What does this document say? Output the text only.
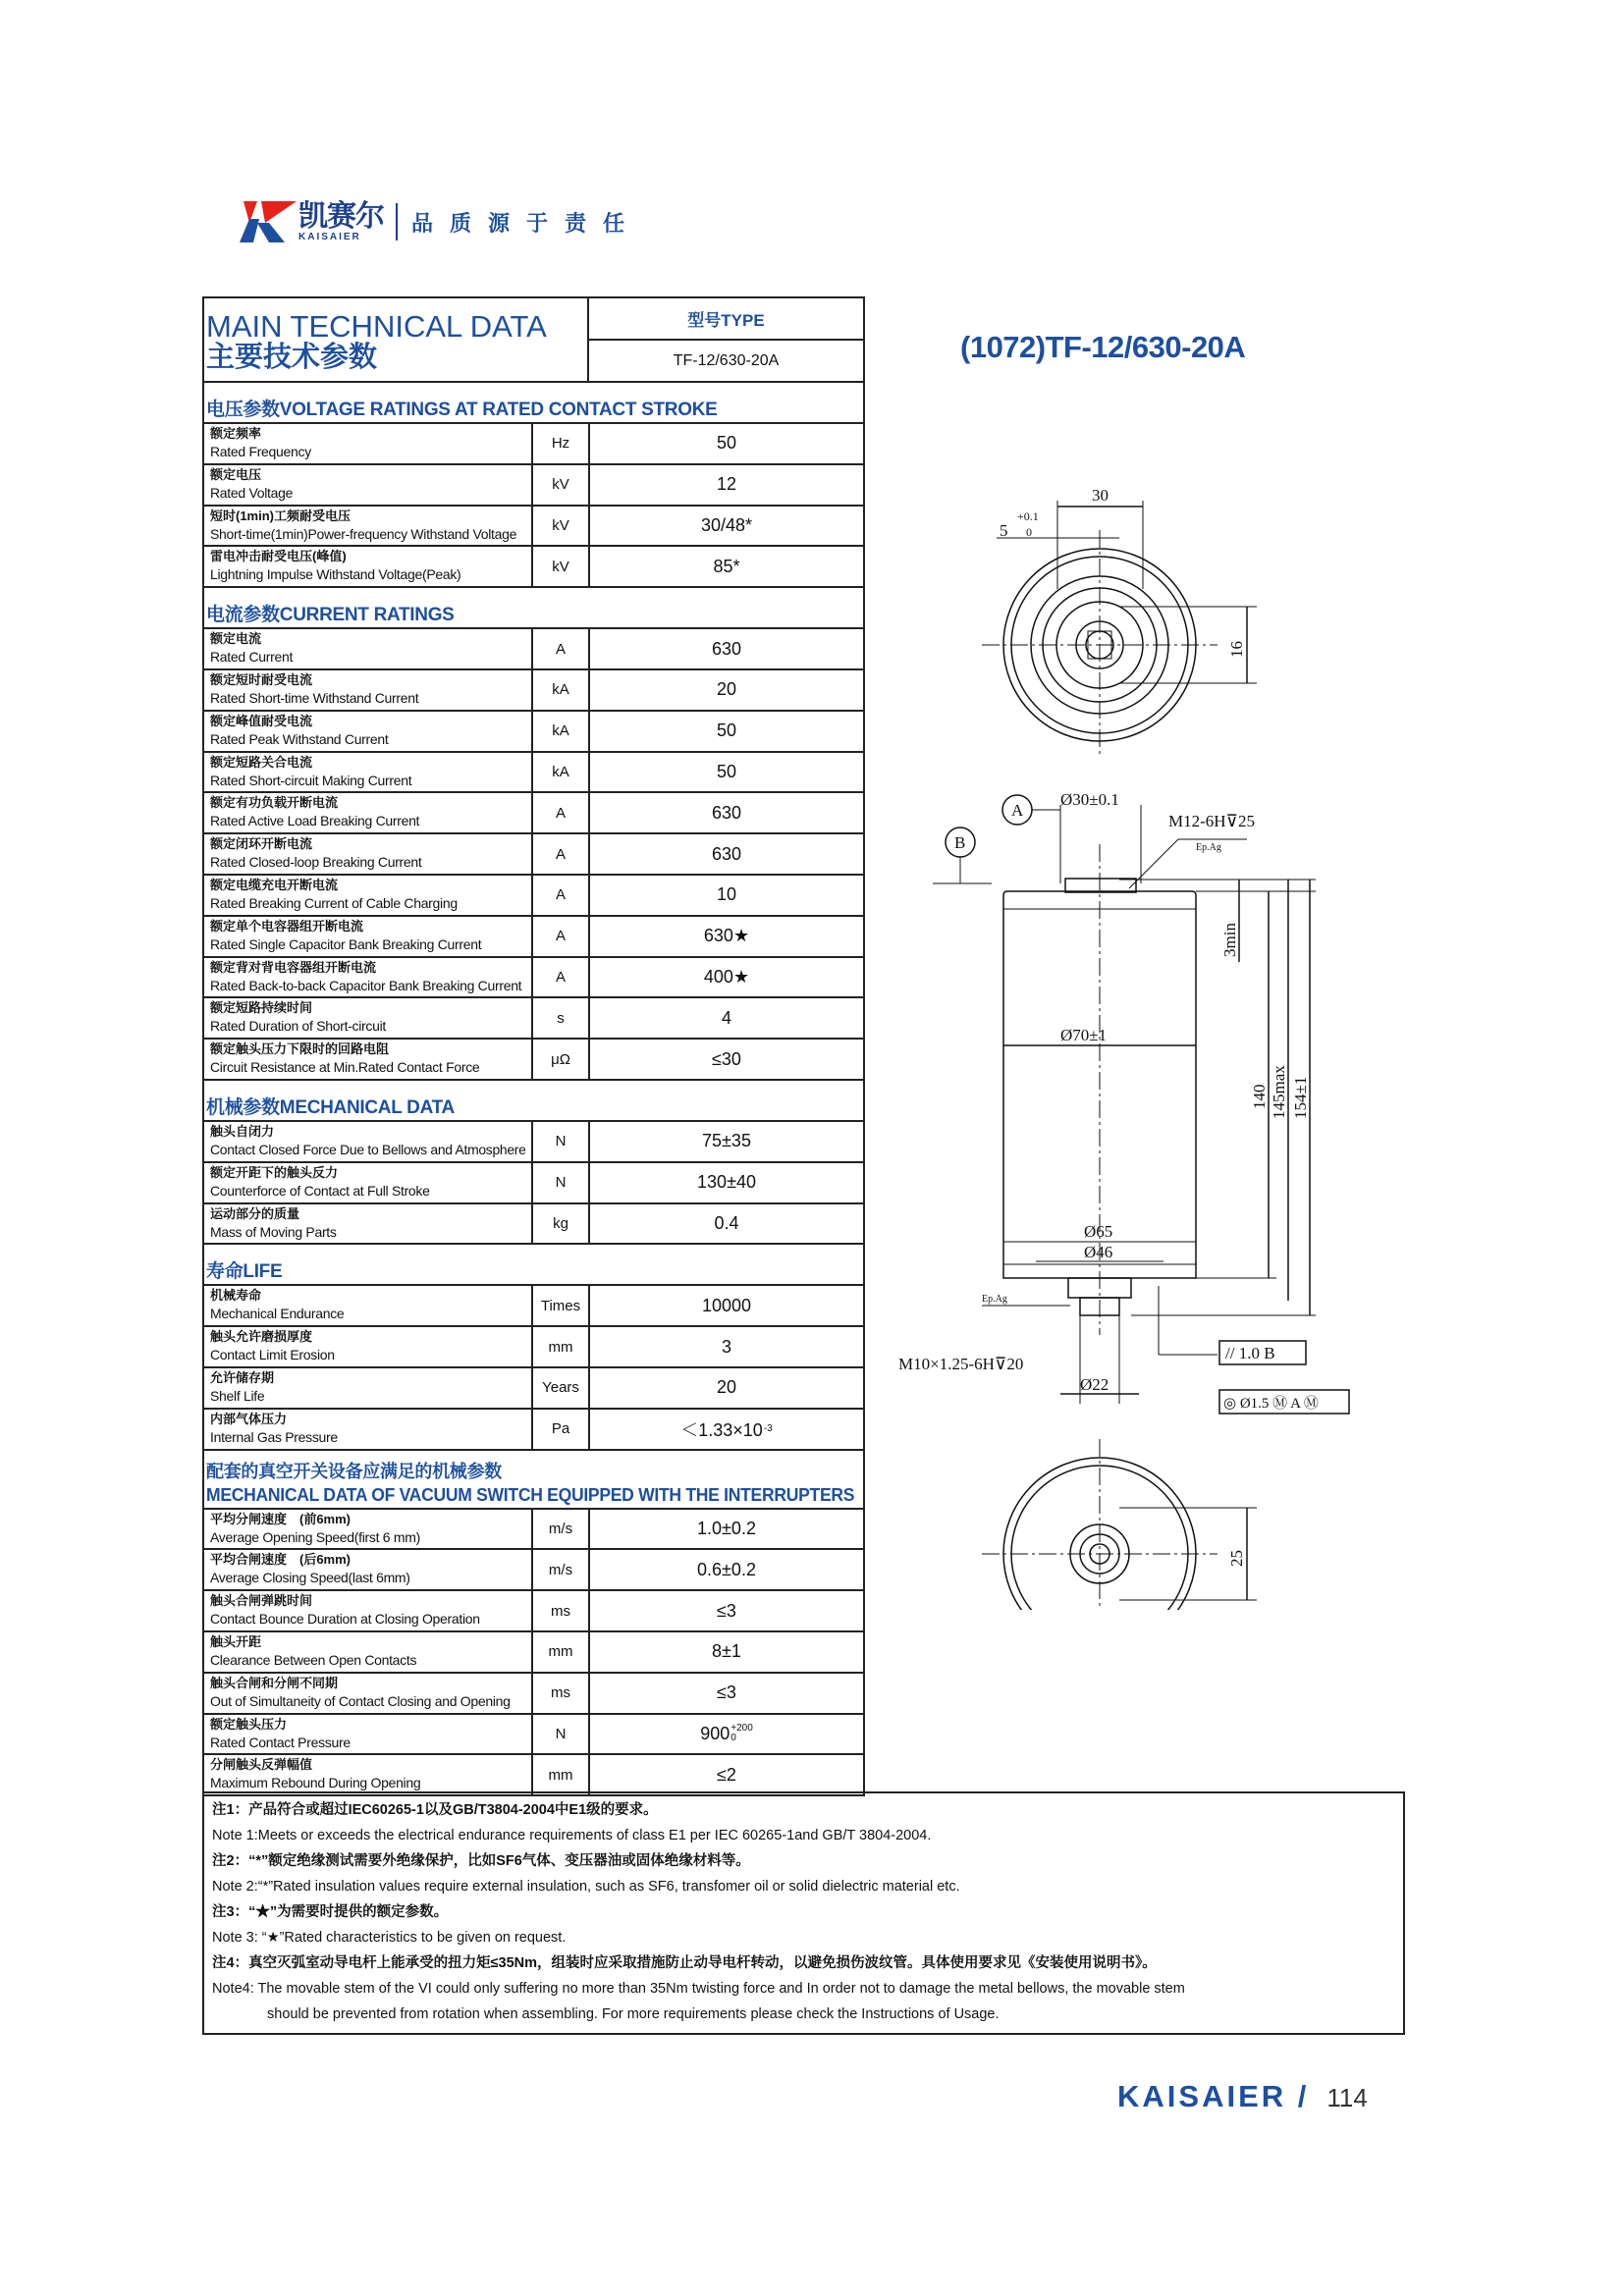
凯赛尔
KAISAIER
品质源于责任
MAIN TECHNICAL DATA
主要技术参数
型号TYPE
TF-12/630-20A
电压参数VOLTAGE RATINGS AT RATED CONTACT STROKE
额定频率
Rated Frequency	Hz	50
额定电压
Rated Voltage	kV	12
短时(1min)工频耐受电压
Short-time(1min)Power-frequency Withstand Voltage	kV	30/48*
雷电冲击耐受电压(峰值)
Lightning Impulse Withstand Voltage(Peak)	kV	85*
电流参数CURRENT RATINGS
额定电流
Rated Current	A	630
额定短时耐受电流
Rated Short-time Withstand Current	kA	20
额定峰值耐受电流
Rated Peak Withstand Current	kA	50
额定短路关合电流
Rated Short-circuit Making Current	kA	50
额定有功负载开断电流
Rated Active Load Breaking Current	A	630
额定闭环开断电流
Rated Closed-loop Breaking Current	A	630
额定电缆充电开断电流
Rated Breaking Current of Cable Charging	A	10
额定单个电容器组开断电流
Rated Single Capacitor Bank Breaking Current	A	630★
额定背对背电容器组开断电流
Rated Back-to-back Capacitor Bank Breaking Current	A	400★
额定短路持续时间
Rated Duration of Short-circuit	s	4
额定触头压力下限时的回路电阻
Circuit Resistance at Min.Rated Contact Force	μΩ	≤30
机械参数MECHANICAL DATA
触头自闭力
Contact Closed Force Due to Bellows and Atmosphere	N	75±35
额定开距下的触头反力
Counterforce of Contact at Full Stroke	N	130±40
运动部分的质量
Mass of Moving Parts	kg	0.4
寿命LIFE
机械寿命
Mechanical Endurance	Times	10000
触头允许磨损厚度
Contact Limit Erosion	mm	3
允许储存期
Shelf Life	Years	20
内部气体压力
Internal Gas Pressure	Pa	＜1.33×10 -3
配套的真空开关设备应满足的机械参数
MECHANICAL DATA OF VACUUM SWITCH EQUIPPED WITH THE INTERRUPTERS
平均分闸速度　(前6mm)
Average Opening Speed(first 6 mm)	m/s	1.0±0.2
平均合闸速度　(后6mm)
Average Closing Speed(last 6mm)	m/s	0.6±0.2
触头合闸弹跳时间
Contact Bounce Duration at Closing Operation	ms	≤3
触头开距
Clearance Between Open Contacts	mm	8±1
触头合闸和分闸不同期
Out of Simultaneity of Contact Closing and Opening	ms	≤3
额定触头压力
Rated Contact Pressure	N	900 +200
0
分闸触头反弹幅值
Maximum Rebound During Opening	mm	≤2
(1072)TF-12/630-20A
30
5
+0.1
0
16
A
B
Ø30±0.1
M12-6H⊽25
Ep.Ag
Ø70±1
Ø65
Ø46
3min
140 145max 154±1
Ep.Ag
M10×1.25-6H⊽20
Ø22
// 1.0 B
◎ Ø1.5 Ⓜ A Ⓜ
25
注1：产品符合或超过IEC60265-1以及GB/T3804-2004中E1级的要求。
Note 1:Meets or exceeds the electrical endurance requirements of class E1 per IEC 60265-1and GB/T 3804-2004.
注2：“*”额定绝缘测试需要外绝缘保护，比如SF6气体、变压器油或固体绝缘材料等。
Note 2:“*”Rated insulation values require external insulation, such as SF6, transfomer oil or solid dielectric material etc.
注3：“★”为需要时提供的额定参数。
Note 3: “★”Rated characteristics to be given on request.
注4：真空灭弧室动导电杆上能承受的扭力矩≤35Nm，组装时应采取措施防止动导电杆转动，以避免损伤波纹管。具体使用要求见《安装使用说明书》。
Note4: The movable stem of the VI could only suffering no more than 35Nm twisting force and In order not to damage the metal bellows, the movable stem
should be prevented from rotation when assembling. For more requirements please check the Instructions of Usage.
KAISAIER / 114
